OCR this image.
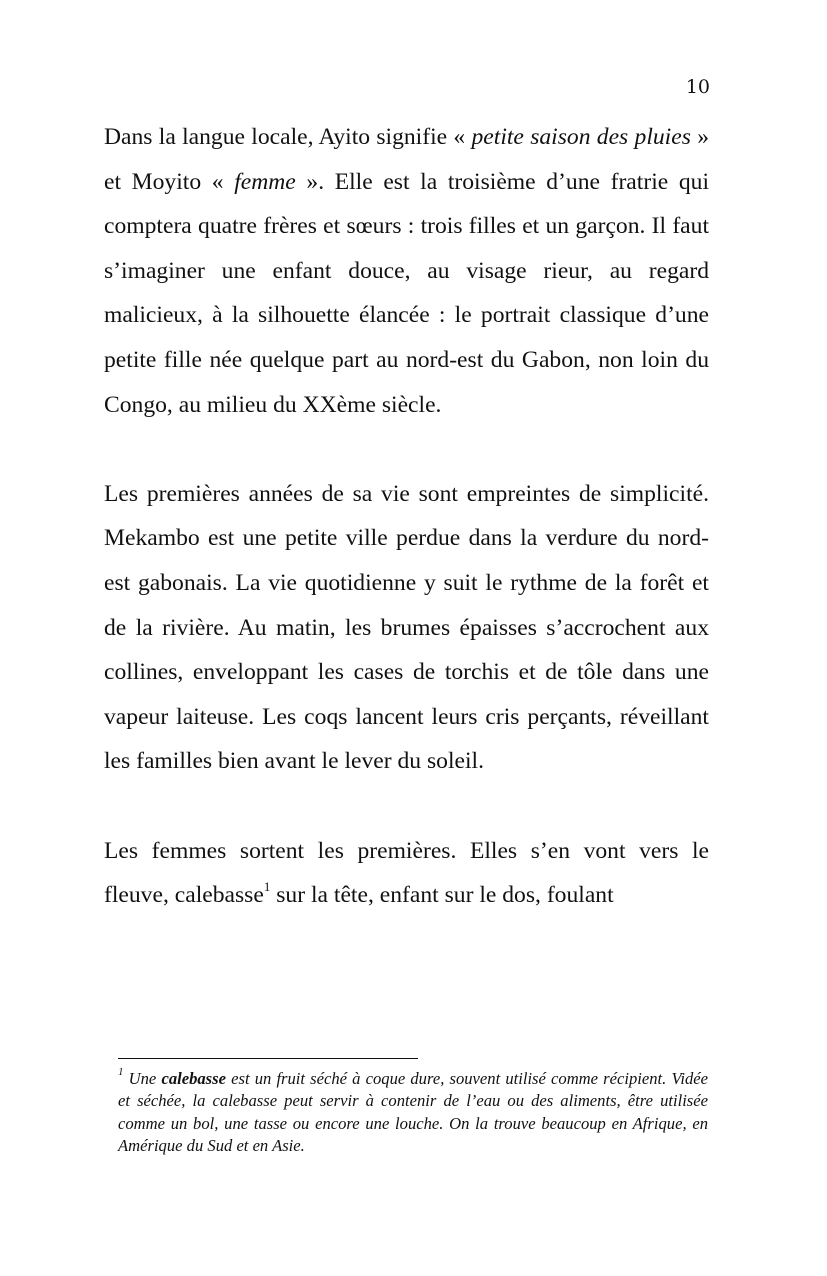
10

Dans la langue locale, Ayito signifie « petite saison des pluies » et Moyito « femme ». Elle est la troisième d’une fratrie qui comptera quatre frères et sœurs : trois filles et un garçon. Il faut s’imaginer une enfant douce, au visage rieur, au regard malicieux, à la silhouette élancée : le portrait classique d’une petite fille née quelque part au nord-est du Gabon, non loin du Congo, au milieu du XXème siècle.

Les premières années de sa vie sont empreintes de simplicité. Mekambo est une petite ville perdue dans la verdure du nord-est gabonais. La vie quotidienne y suit le rythme de la forêt et de la rivière. Au matin, les brumes épaisses s’accrochent aux collines, enveloppant les cases de torchis et de tôle dans une vapeur laiteuse. Les coqs lancent leurs cris perçants, réveillant les familles bien avant le lever du soleil.

Les femmes sortent les premières. Elles s’en vont vers le fleuve, calebasse$^1$ sur la tête, enfant sur le dos, foulant

$^1$ Une calebasse est un fruit séché à coque dure, souvent utilisé comme récipient. Vidée et séchée, la calebasse peut servir à contenir de l’eau ou des aliments, être utilisée comme un bol, une tasse ou encore une louche. On la trouve beaucoup en Afrique, en Amérique du Sud et en Asie.
